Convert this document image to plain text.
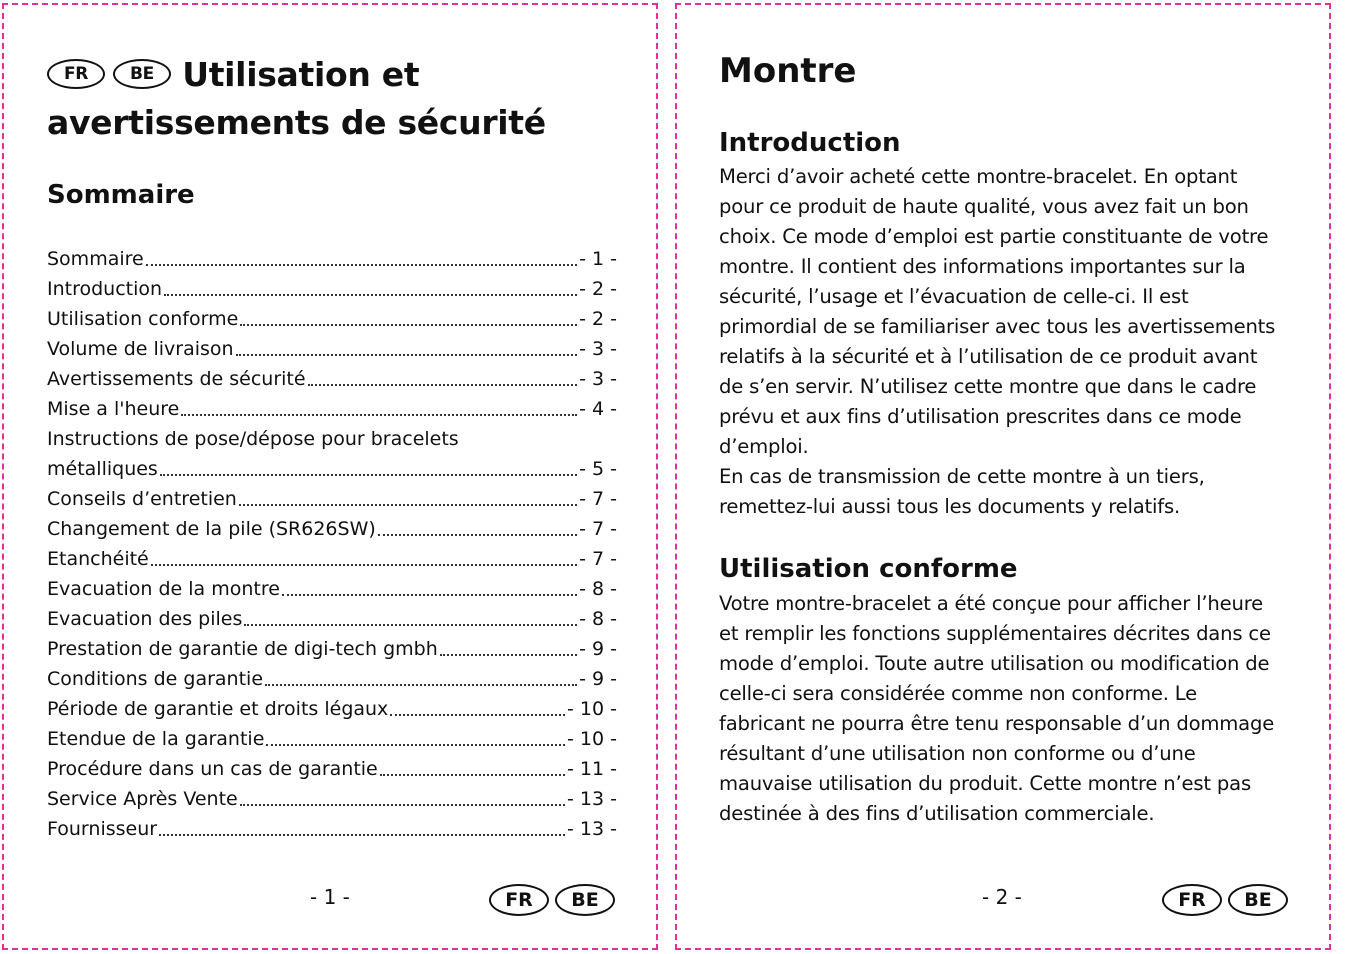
FR	BE Utilisation et
avertissements de sécurité
Sommaire
Sommaire	- 1 -
Introduction	- 2 -
Utilisation conforme	- 2 -
Volume de livraison	- 3 -
Avertissements de sécurité	- 3 -
Mise a l'heure	- 4 -
Instructions de pose/dépose pour bracelets
métalliques	- 5 -
Conseils d’entretien	- 7 -
Changement de la pile (SR626SW)	- 7 -
Etanchéité	- 7 -
Evacuation de la montre	- 8 -
Evacuation des piles	- 8 -
Prestation de garantie de digi-tech gmbh	- 9 -
Conditions de garantie	- 9 -
Période de garantie et droits légaux	- 10 -
Etendue de la garantie	- 10 -
Procédure dans un cas de garantie	- 11 -
Service Après Vente	- 13 -
Fournisseur	- 13 -
- 1 -	FR	BE
Montre
Introduction
Merci d’avoir acheté cette montre-bracelet. En optant
pour ce produit de haute qualité, vous avez fait un bon
choix. Ce mode d’emploi est partie constituante de votre
montre. Il contient des informations importantes sur la
sécurité, l’usage et l’évacuation de celle-ci. Il est
primordial de se familiariser avec tous les avertissements
relatifs à la sécurité et à l’utilisation de ce produit avant
de s’en servir. N’utilisez cette montre que dans le cadre
prévu et aux fins d’utilisation prescrites dans ce mode
d’emploi.
En cas de transmission de cette montre à un tiers,
remettez-lui aussi tous les documents y relatifs.
Utilisation conforme
Votre montre-bracelet a été conçue pour afficher l’heure
et remplir les fonctions supplémentaires décrites dans ce
mode d’emploi. Toute autre utilisation ou modification de
celle-ci sera considérée comme non conforme. Le
fabricant ne pourra être tenu responsable d’un dommage
résultant d’une utilisation non conforme ou d’une
mauvaise utilisation du produit. Cette montre n’est pas
destinée à des fins d’utilisation commerciale.
- 2 -	FR	BE
